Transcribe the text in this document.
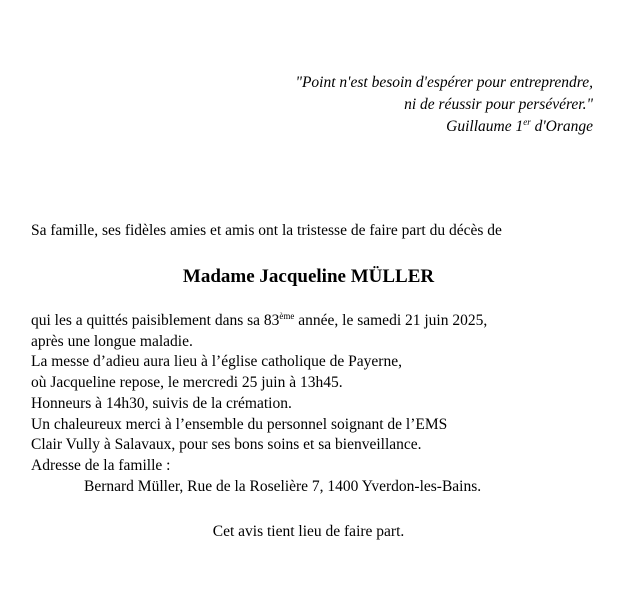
"Point n'est besoin d'espérer pour entreprendre,
ni de réussir pour persévérer."
Guillaume 1er d'Orange
Sa famille, ses fidèles amies et amis ont la tristesse de faire part du décès de
Madame Jacqueline MÜLLER
qui les a quittés paisiblement dans sa 83ème année, le samedi 21 juin 2025,
après une longue maladie.
La messe d’adieu aura lieu à l’église catholique de Payerne,
où Jacqueline repose, le mercredi 25 juin à 13h45.
Honneurs à 14h30, suivis de la crémation.
Un chaleureux merci à l’ensemble du personnel soignant de l’EMS
Clair Vully à Salavaux, pour ses bons soins et sa bienveillance.
Adresse de la famille :
Bernard Müller, Rue de la Roselière 7, 1400 Yverdon-les-Bains.
Cet avis tient lieu de faire part.
